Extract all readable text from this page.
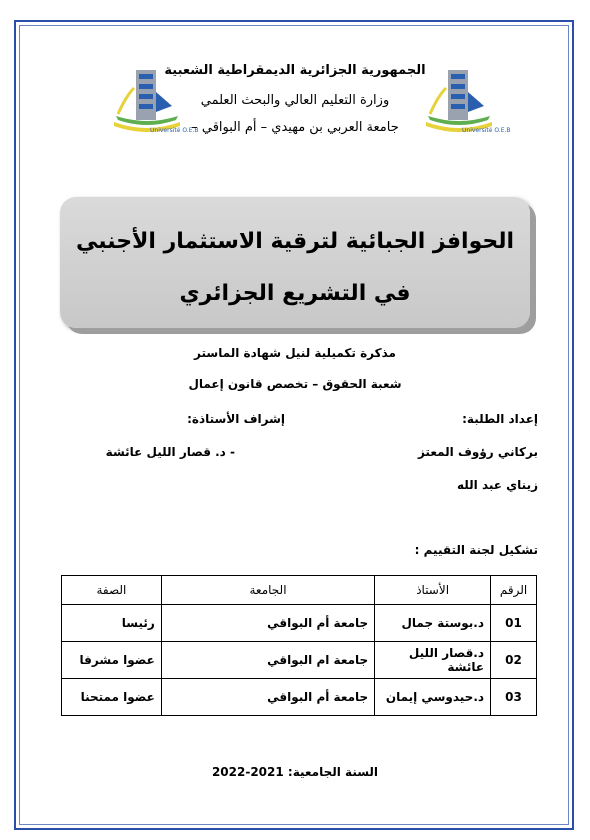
Université O.E.B	Université O.E.B
الجمهورية الجزائرية الديمقراطية الشعبية
وزارة التعليم العالي والبحث العلمي
جامعة العربي بن مهيدي – أم البواقي –
الحوافز الجبائية لترقية الاستثمار الأجنبي
في التشريع الجزائري
مذكرة تكميلية لنيل شهادة الماستر
شعبة الحقوق – تخصص قانون إعمال
إعداد الطلبة:
إشراف الأستاذة:
بركاني رؤوف المعتز
- د. قصار الليل عائشة
زيناي عبد الله
تشكيل لجنة التقييم :
الرقم	الأستاذ	الجامعة	الصفة
01	د.بوستة جمال	جامعة أم البواقي	رئيسا
02	د.قصار الليل عائشة	جامعة ام البواقي	عضوا مشرفا
03	د.حيدوسي إيمان	جامعة أم البواقي	عضوا ممتحنا
السنة الجامعية: 2022-2021
